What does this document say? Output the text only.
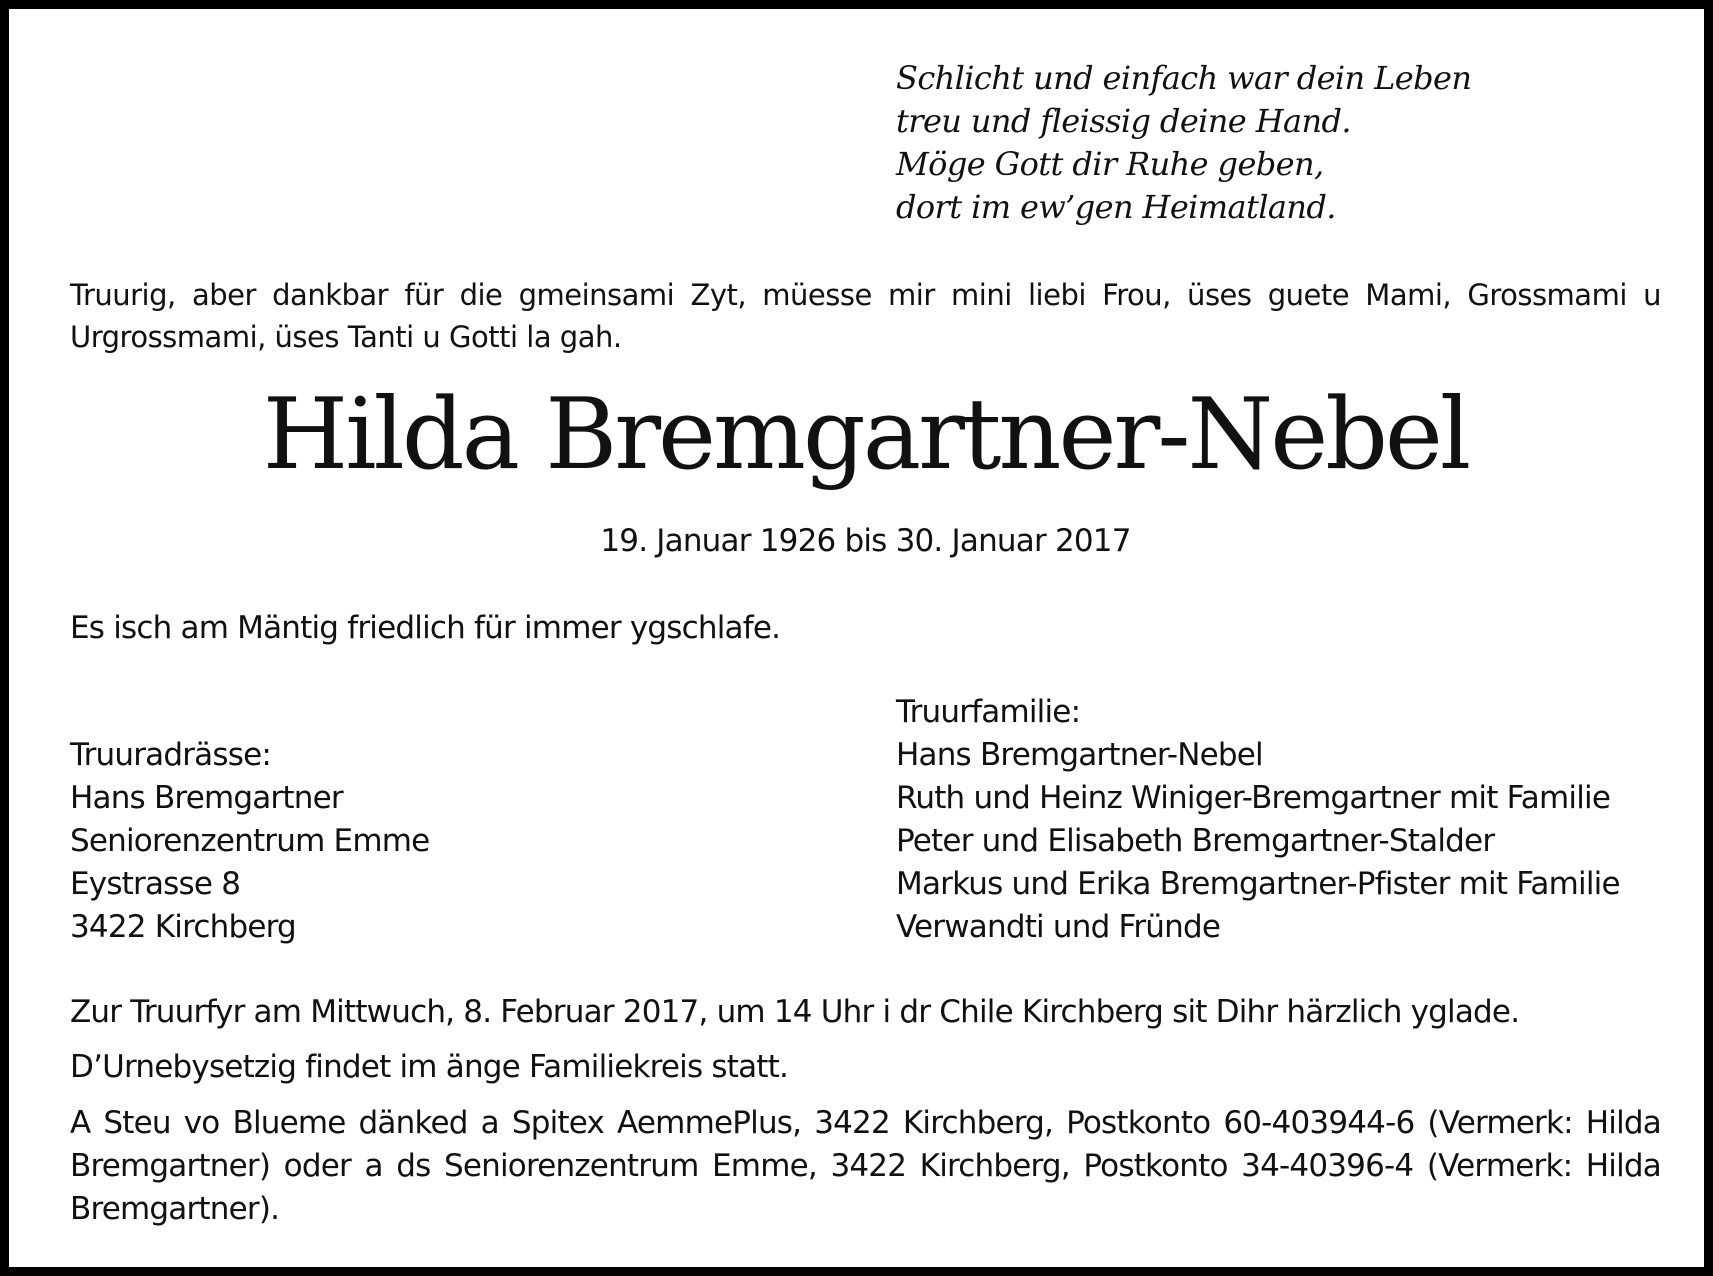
Schlicht und einfach war dein Leben
treu und fleissig deine Hand.
Möge Gott dir Ruhe geben,
dort im ew’gen Heimatland.

Truurig, aber dankbar für die gmeinsami Zyt, müesse mir mini liebi Frou, üses guete Mami, Grossmami u Urgrossmami, üses Tanti u Gotti la gah.

Hilda Bremgartner-Nebel
19. Januar 1926 bis 30. Januar 2017

Es isch am Mäntig friedlich für immer ygschlafe.

Truuradrässe:
Hans Bremgartner
Seniorenzentrum Emme
Eystrasse 8
3422 Kirchberg
Truurfamilie:
Hans Bremgartner-Nebel
Ruth und Heinz Winiger-Bremgartner mit Familie
Peter und Elisabeth Bremgartner-Stalder
Markus und Erika Bremgartner-Pfister mit Familie
Verwandti und Fründe

Zur Truurfyr am Mittwuch, 8. Februar 2017, um 14 Uhr i dr Chile Kirchberg sit Dihr härzlich yglade.

D’Urnebysetzig findet im änge Familiekreis statt.

A Steu vo Blueme dänked a Spitex AemmePlus, 3422 Kirchberg, Postkonto 60-403944-6 (Vermerk: Hilda Bremgartner) oder a ds Seniorenzentrum Emme, 3422 Kirchberg, Postkonto 34-40396-4 (Vermerk: Hilda Bremgartner).
